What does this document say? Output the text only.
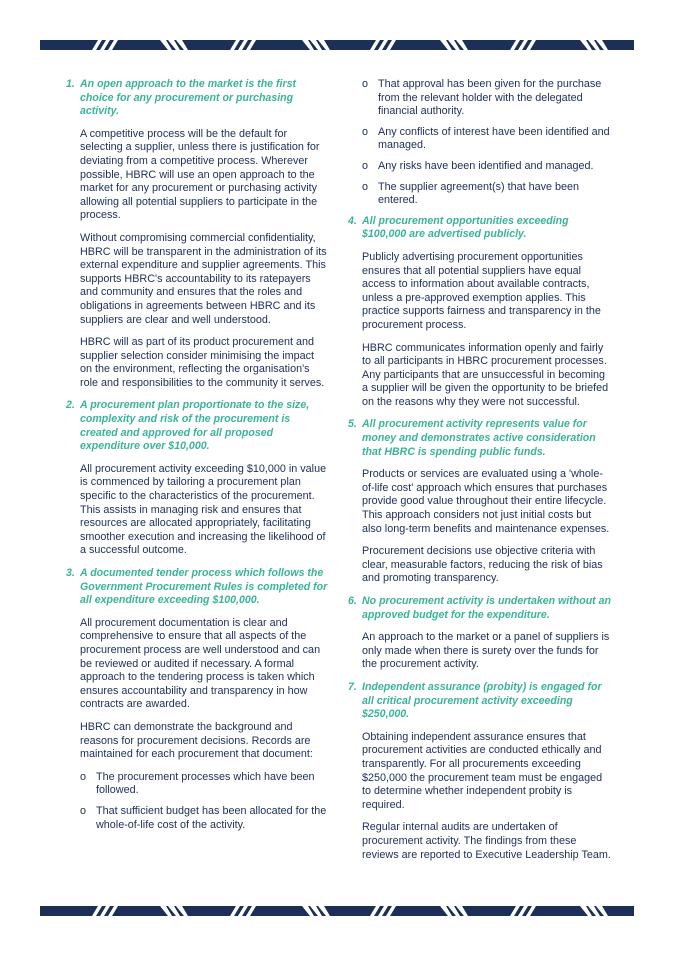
1. An open approach to the market is the first choice for any procurement or purchasing activity.

A competitive process will be the default for selecting a supplier, unless there is justification for deviating from a competitive process. Wherever possible, HBRC will use an open approach to the market for any procurement or purchasing activity allowing all potential suppliers to participate in the process.

Without compromising commercial confidentiality, HBRC will be transparent in the administration of its external expenditure and supplier agreements. This supports HBRC's accountability to its ratepayers and community and ensures that the roles and obligations in agreements between HBRC and its suppliers are clear and well understood.

HBRC will as part of its product procurement and supplier selection consider minimising the impact on the environment, reflecting the organisation's role and responsibilities to the community it serves.

2. A procurement plan proportionate to the size, complexity and risk of the procurement is created and approved for all proposed expenditure over $10,000.

All procurement activity exceeding $10,000 in value is commenced by tailoring a procurement plan specific to the characteristics of the procurement. This assists in managing risk and ensures that resources are allocated appropriately, facilitating smoother execution and increasing the likelihood of a successful outcome.

3. A documented tender process which follows the Government Procurement Rules is completed for all expenditure exceeding $100,000.

All procurement documentation is clear and comprehensive to ensure that all aspects of the procurement process are well understood and can be reviewed or audited if necessary. A formal approach to the tendering process is taken which ensures accountability and transparency in how contracts are awarded.

HBRC can demonstrate the background and reasons for procurement decisions. Records are maintained for each procurement that document:

o The procurement processes which have been followed.
o That sufficient budget has been allocated for the whole-of-life cost of the activity.
o That approval has been given for the purchase from the relevant holder with the delegated financial authority.
o Any conflicts of interest have been identified and managed.
o Any risks have been identified and managed.
o The supplier agreement(s) that have been entered.
4. All procurement opportunities exceeding $100,000 are advertised publicly.

Publicly advertising procurement opportunities ensures that all potential suppliers have equal access to information about available contracts, unless a pre-approved exemption applies. This practice supports fairness and transparency in the procurement process.

HBRC communicates information openly and fairly to all participants in HBRC procurement processes. Any participants that are unsuccessful in becoming a supplier will be given the opportunity to be briefed on the reasons why they were not successful.

5. All procurement activity represents value for money and demonstrates active consideration that HBRC is spending public funds.

Products or services are evaluated using a 'whole-of-life cost' approach which ensures that purchases provide good value throughout their entire lifecycle. This approach considers not just initial costs but also long-term benefits and maintenance expenses.

Procurement decisions use objective criteria with clear, measurable factors, reducing the risk of bias and promoting transparency.

6. No procurement activity is undertaken without an approved budget for the expenditure.

An approach to the market or a panel of suppliers is only made when there is surety over the funds for the procurement activity.

7. Independent assurance (probity) is engaged for all critical procurement activity exceeding $250,000.

Obtaining independent assurance ensures that procurement activities are conducted ethically and transparently. For all procurements exceeding $250,000 the procurement team must be engaged to determine whether independent probity is required.

Regular internal audits are undertaken of procurement activity. The findings from these reviews are reported to Executive Leadership Team.
